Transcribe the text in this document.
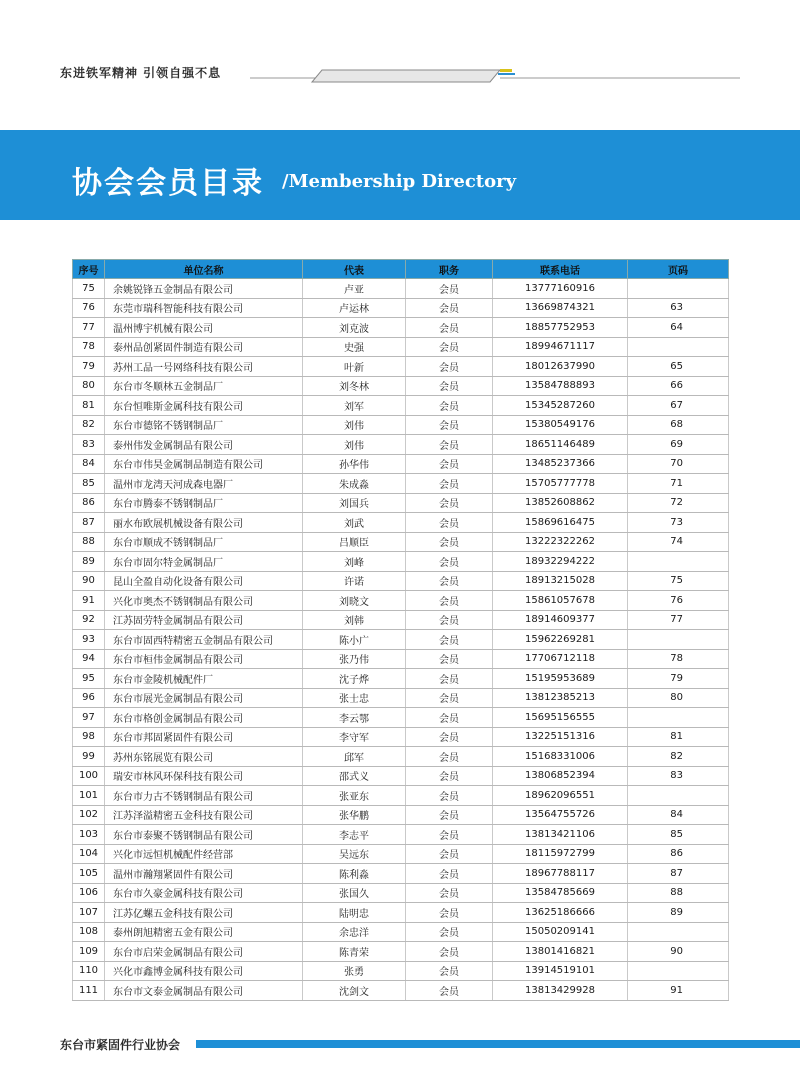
东进铁军精神 引领自强不息
协会会员目录 /Membership Directory
序号	单位名称	代表	职务	联系电话	页码
75	余姚锐锋五金制品有限公司	卢亚	会员	13777160916	
76	东莞市瑞科智能科技有限公司	卢运林	会员	13669874321	63
77	温州博宇机械有限公司	刘克波	会员	18857752953	64
78	泰州品创紧固件制造有限公司	史强	会员	18994671117	
79	苏州工品一号网络科技有限公司	叶新	会员	18012637990	65
80	东台市冬顺林五金制品厂	刘冬林	会员	13584788893	66
81	东台恒唯斯金属科技有限公司	刘军	会员	15345287260	67
82	东台市德铭不锈钢制品厂	刘伟	会员	15380549176	68
83	泰州伟发金属制品有限公司	刘伟	会员	18651146489	69
84	东台市伟昊金属制品制造有限公司	孙华伟	会员	13485237366	70
85	温州市龙湾天河成森电器厂	朱成淼	会员	15705777778	71
86	东台市腾泰不锈钢制品厂	刘国兵	会员	13852608862	72
87	丽水布欧展机械设备有限公司	刘武	会员	15869616475	73
88	东台市顺成不锈钢制品厂	吕顺臣	会员	13222322262	74
89	东台市固尔特金属制品厂	刘峰	会员	18932294222	
90	昆山全盈自动化设备有限公司	许诺	会员	18913215028	75
91	兴化市奥杰不锈钢制品有限公司	刘晓文	会员	15861057678	76
92	江苏固劳特金属制品有限公司	刘韩	会员	18914609377	77
93	东台市固西特精密五金制品有限公司	陈小广	会员	15962269281	
94	东台市桓伟金属制品有限公司	张乃伟	会员	17706712118	78
95	东台市金陵机械配件厂	沈子烨	会员	15195953689	79
96	东台市展光金属制品有限公司	张士忠	会员	13812385213	80
97	东台市格创金属制品有限公司	李云鄂	会员	15695156555	
98	东台市邦固紧固件有限公司	李守军	会员	13225151316	81
99	苏州东铭展览有限公司	邱军	会员	15168331006	82
100	瑞安市林风环保科技有限公司	邵式义	会员	13806852394	83
101	东台市力古不锈钢制品有限公司	张亚东	会员	18962096551	
102	江苏泽溢精密五金科技有限公司	张华鹏	会员	13564755726	84
103	东台市泰聚不锈钢制品有限公司	李志平	会员	13813421106	85
104	兴化市远恒机械配件经营部	吴远东	会员	18115972799	86
105	温州市瀚翔紧固件有限公司	陈利淼	会员	18967788117	87
106	东台市久豪金属科技有限公司	张国久	会员	13584785669	88
107	江苏亿螺五金科技有限公司	陆明忠	会员	13625186666	89
108	泰州朗旭精密五金有限公司	余忠洋	会员	15050209141	
109	东台市启荣金属制品有限公司	陈青荣	会员	13801416821	90
110	兴化市鑫博金属科技有限公司	张勇	会员	13914519101	
111	东台市文泰金属制品有限公司	沈剑文	会员	13813429928	91
东台市紧固件行业协会
